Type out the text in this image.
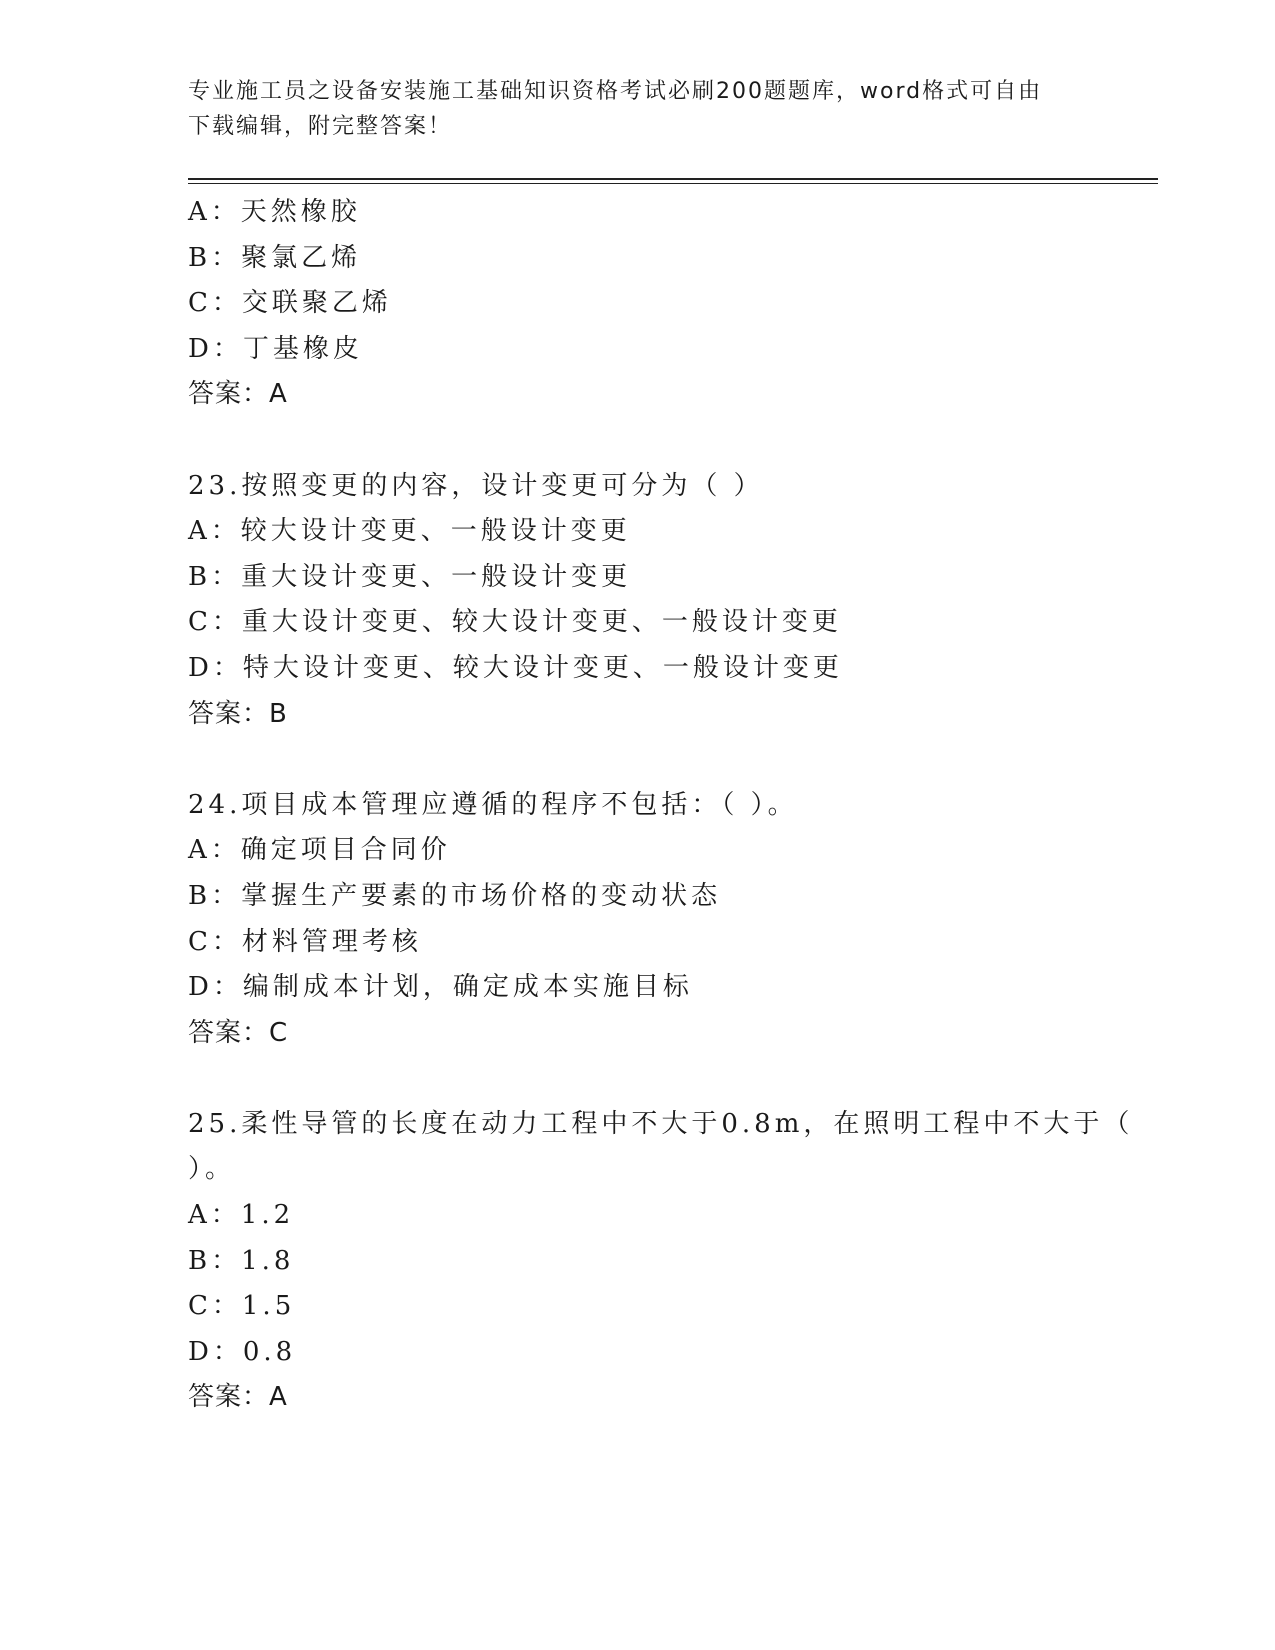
专业施工员之设备安装施工基础知识资格考试必刷200题题库，word格式可自由
下载编辑，附完整答案！
A：天然橡胶
B：聚氯乙烯
C：交联聚乙烯
D：丁基橡皮
答案：A
23.按照变更的内容，设计变更可分为（ ）
A：较大设计变更、一般设计变更
B：重大设计变更、一般设计变更
C：重大设计变更、较大设计变更、一般设计变更
D：特大设计变更、较大设计变更、一般设计变更
答案：B
24.项目成本管理应遵循的程序不包括：（ ）。
A：确定项目合同价
B：掌握生产要素的市场价格的变动状态
C：材料管理考核
D：编制成本计划，确定成本实施目标
答案：C
25.柔性导管的长度在动力工程中不大于0.8m，在照明工程中不大于（
）。
A：1.2
B：1.8
C：1.5
D：0.8
答案：A
